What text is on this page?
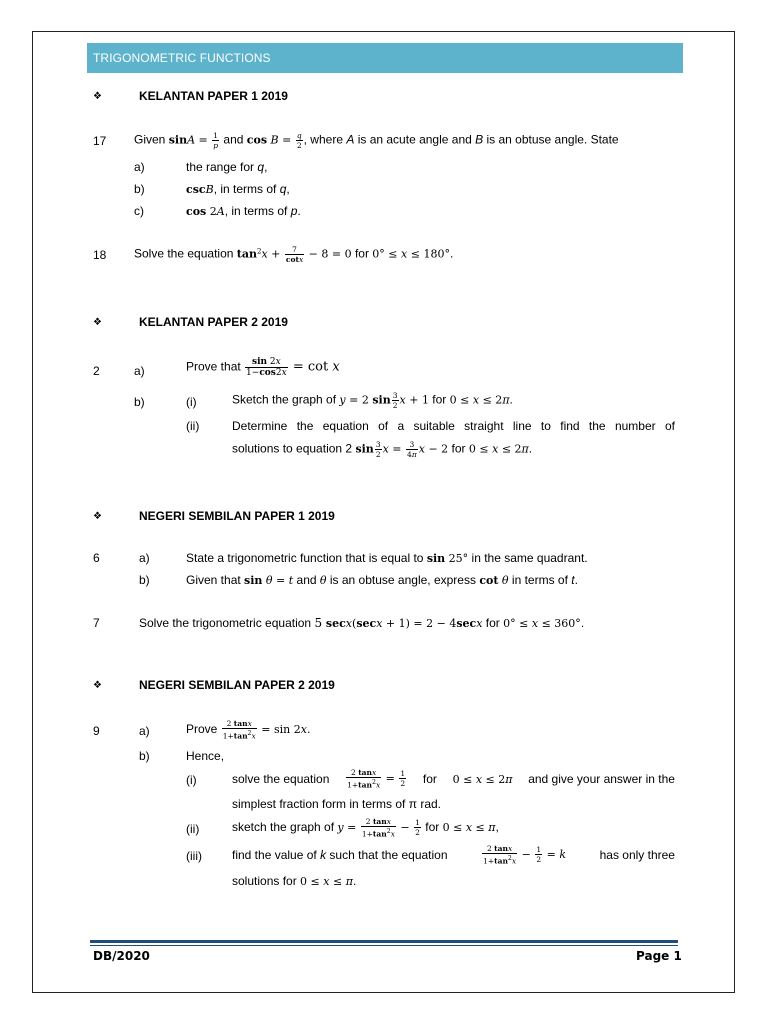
TRIGONOMETRIC FUNCTIONS
❖	KELANTAN PAPER 1 2019
17 Given $\sin A = \frac{1}{p}$ and $\cos B = \frac{q}{2}$ , where A is an acute angle and B is an obtuse angle. State
a)	the range for q,
b)	cscB, in terms of q,
c)	cos 2A, in terms of p.
18 Solve the equation $\tan^2x + \frac{7}{\cot x} - 8 = 0$ for 0° ≤ x ≤ 180°.
❖	KELANTAN PAPER 2 2019
2	a)	Prove that $\frac{\sin 2x}{1-\cos 2x} = \cot x$
b)	(i)	Sketch the graph of y = 2 $\sin \frac{3}{2}$ x + 1 for 0 ≤ x ≤ 2π.
(ii)	Determine the equation of a suitable straight line to find the number of
solutions to equation 2 $\sin \frac{3}{2}$ $x = \frac{3}{4\pi}$ x − 2 for 0 ≤ x ≤ 2π.
❖	NEGERI SEMBILAN PAPER 1 2019
6	a)	State a trigonometric function that is equal to sin 25° in the same quadrant.
b)	Given that sin θ = t and θ is an obtuse angle, express cot θ in terms of t.
7	Solve the trigonometric equation 5 secx(secx + 1) = 2 − 4secx for 0° ≤ x ≤ 360°.
❖	NEGERI SEMBILAN PAPER 2 2019
9	a)	Prove $\frac{2 \tan x}{1+\tan^2x} = \sin 2x$.
b)	Hence,
(i)	solve the equation $\frac{2 \tan x}{1+\tan^2x} = \frac{1}{2}$ for 0 ≤ x ≤ 2π and give your answer in the
simplest fraction form in terms of π rad.
(ii)	sketch the graph of $y = \frac{2 \tan x}{1+\tan^2x} - \frac{1}{2}$ for 0 ≤ x ≤ π,
(iii)	find the value of k such that the equation	$\frac{2 \tan x}{1+\tan^2x} - \frac{1}{2} = k$	has only three
solutions for 0 ≤ x ≤ π.
DB/2020	Page 1
